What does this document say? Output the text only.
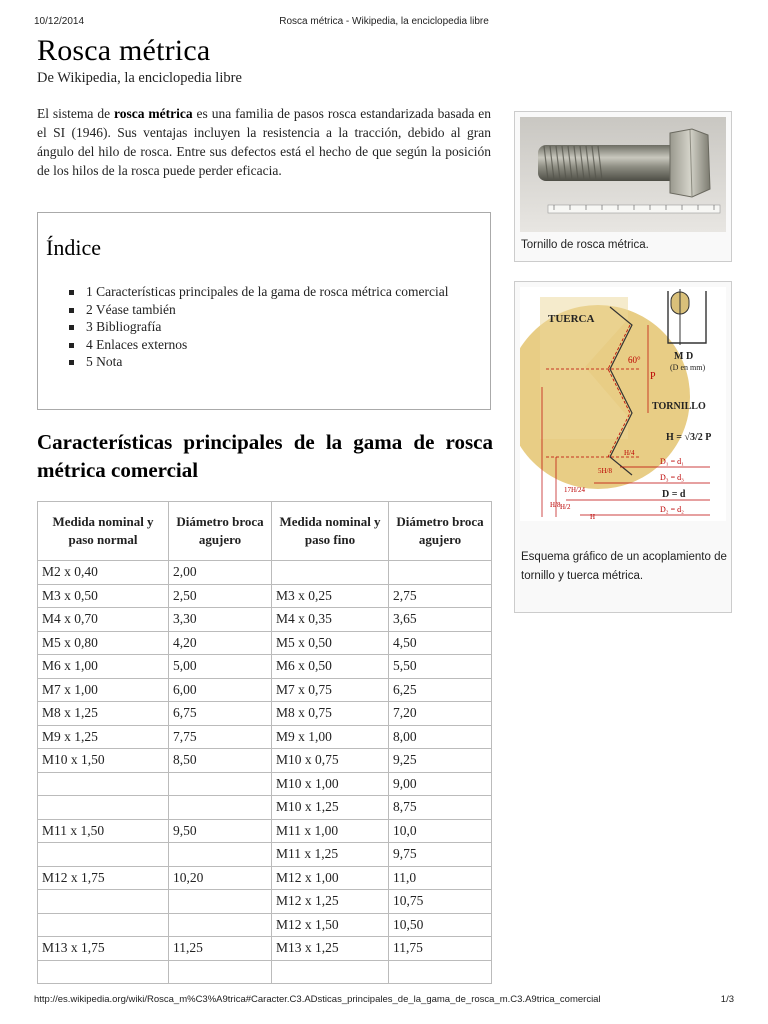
10/12/2014	Rosca métrica - Wikipedia, la enciclopedia libre
Rosca métrica
De Wikipedia, la enciclopedia libre

El sistema de rosca métrica es una familia de pasos rosca estandarizada basada en el SI (1946). Sus ventajas incluyen la resistencia a la tracción, debido al gran ángulo del hilo de rosca. Entre sus defectos está el hecho de que según la posición de los hilos de la rosca puede perder eficacia.

Índice
1 Características principales de la gama de rosca métrica comercial
2 Véase también
3 Bibliografía
4 Enlaces externos
5 Nota
Características principales de la gama de rosca métrica comercial
Medida nominal y paso normal	Diámetro broca agujero	Medida nominal y paso fino	Diámetro broca agujero
M2 x 0,40	2,00		
M3 x 0,50	2,50	M3 x 0,25	2,75
M4 x 0,70	3,30	M4 x 0,35	3,65
M5 x 0,80	4,20	M5 x 0,50	4,50
M6 x 1,00	5,00	M6 x 0,50	5,50
M7 x 1,00	6,00	M7 x 0,75	6,25
M8 x 1,25	6,75	M8 x 0,75	7,20
M9 x 1,25	7,75	M9 x 1,00	8,00
M10 x 1,50	8,50	M10 x 0,75	9,25
		M10 x 1,00	9,00
		M10 x 1,25	8,75
M11 x 1,50	9,50	M11 x 1,00	10,0
		M11 x 1,25	9,75
M12 x 1,75	10,20	M12 x 1,00	11,0
		M12 x 1,25	10,75
		M12 x 1,50	10,50
M13 x 1,75	11,25	M13 x 1,25	11,75

Tornillo de rosca métrica.
TUERCA
60°
P
M D
(D en mm)
TORNILLO
H = √3/2 P
D₁ = d₁
D₃ = d₃
D = d
D₂ = d₂
H/4
H/8
5H/8
17H/24
H/2
H
Esquema gráfico de un acoplamiento de tornillo y tuerca métrica.
http://es.wikipedia.org/wiki/Rosca_m%C3%A9trica#Caracter.C3.ADsticas_principales_de_la_gama_de_rosca_m.C3.A9trica_comercial	1/3
